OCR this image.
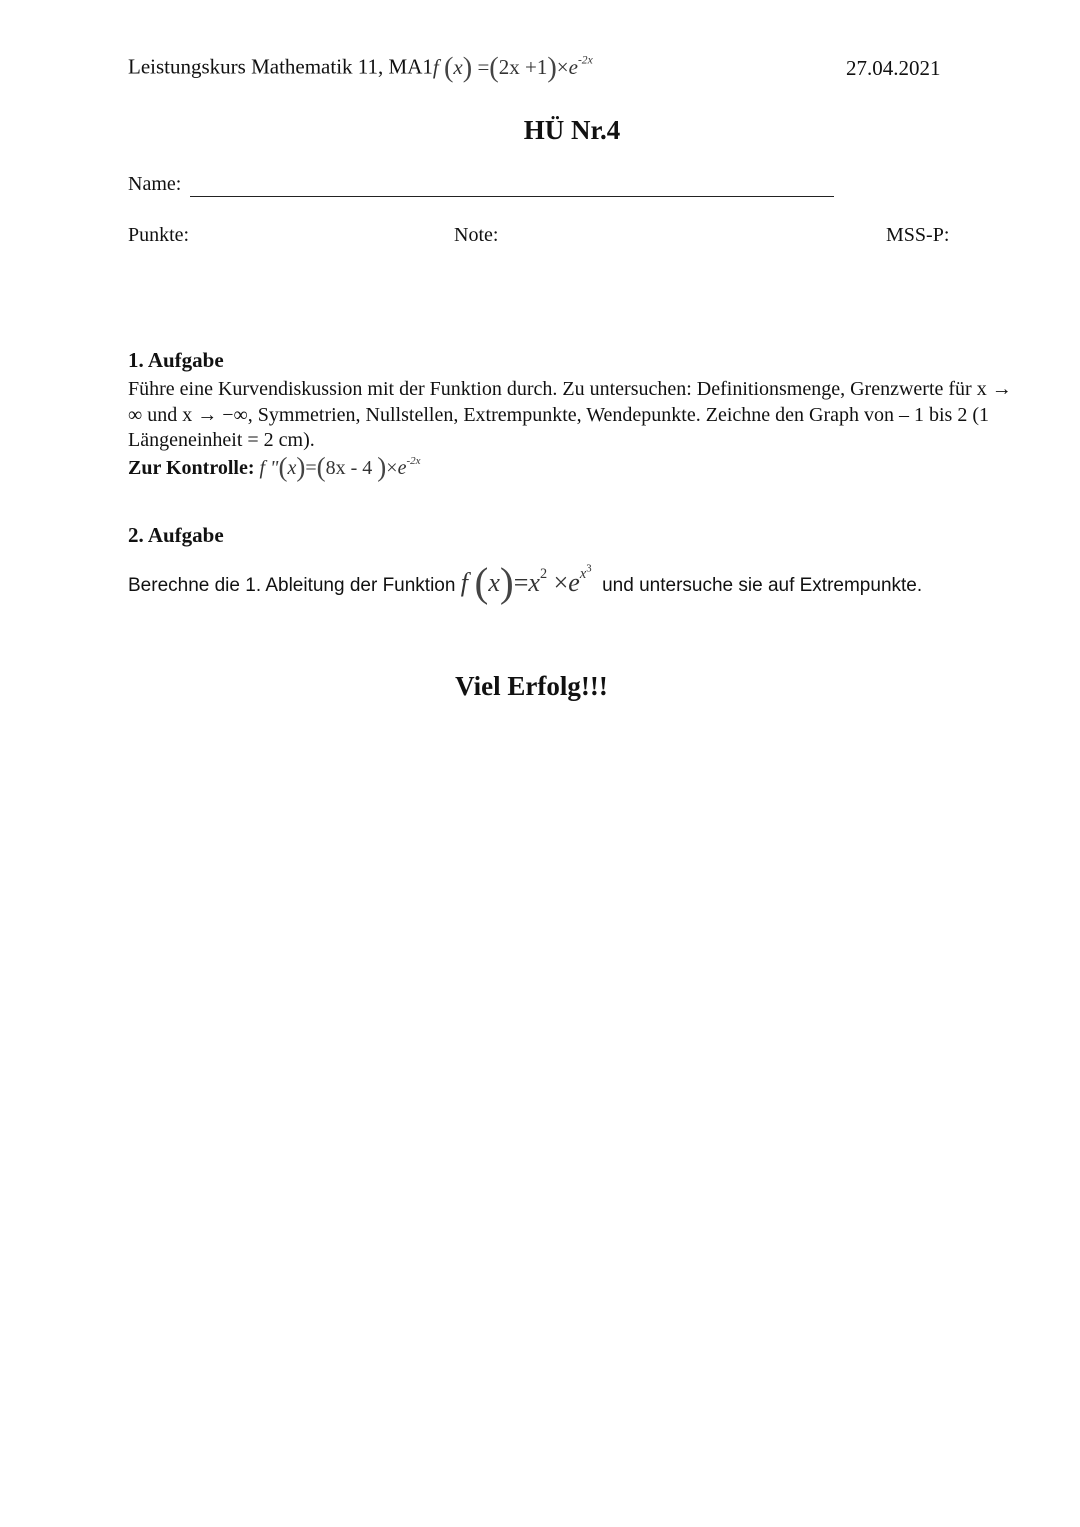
Leistungskurs Mathematik 11, MA1f $(x) =(2x +1)\times e^{-2x}$	27.04.2021
HÜ Nr.4
Name:
Punkte:	Note:	MSS-P:
1. Aufgabe
Führe eine Kurvendiskussion mit der Funktion durch. Zu untersuchen: Definitionsmenge, Grenzwerte für x → ∞ und x → −∞, Symmetrien, Nullstellen, Extrempunkte, Wendepunkte. Zeichne den Graph von – 1 bis 2 (1 Längeneinheit = 2 cm).
Zur Kontrolle: f "(x)=(8x - 4 )$\times e^{-2x}$
2. Aufgabe
Berechne die 1. Ableitung der Funktion f $(x)=x^2 \times e^{x^3}$  und untersuche sie auf Extrempunkte.
Viel Erfolg!!!
